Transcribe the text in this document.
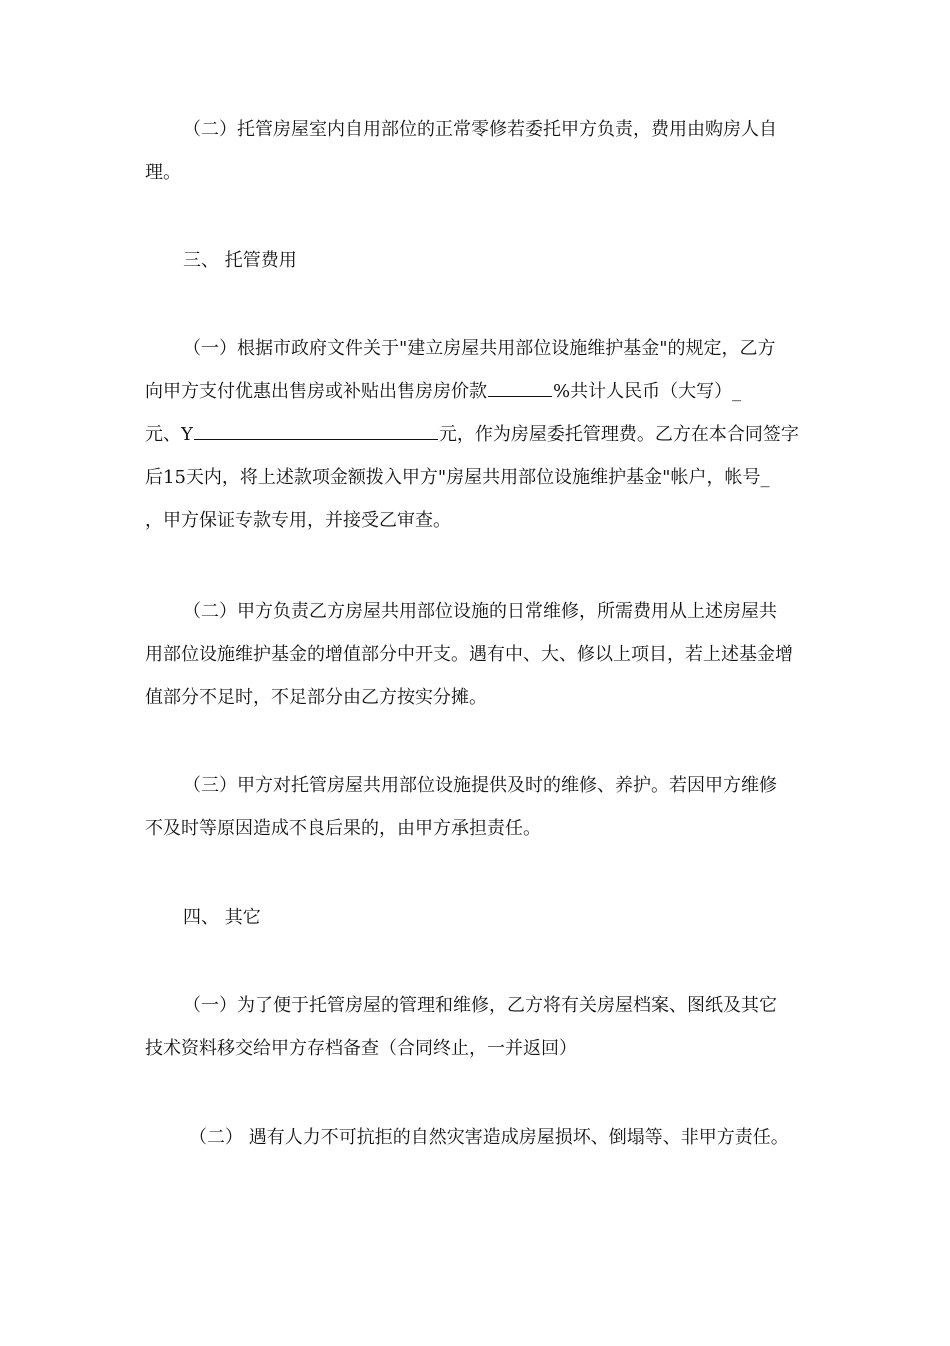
（二）托管房屋室内自用部位的正常零修若委托甲方负责，费用由购房人自
理。
三、 托管费用
（一）根据市政府文件关于"建立房屋共用部位设施维护基金"的规定，乙方
向甲方支付优惠出售房或补贴出售房房价款	%共计人民币（大写）_
元、Y	元，作为房屋委托管理费。乙方在本合同签字
后15天内，将上述款项金额拨入甲方"房屋共用部位设施维护基金"帐户，帐号_
，甲方保证专款专用，并接受乙审查。
（二）甲方负责乙方房屋共用部位设施的日常维修，所需费用从上述房屋共
用部位设施维护基金的增值部分中开支。遇有中、大、修以上项目，若上述基金增
值部分不足时，不足部分由乙方按实分摊。
（三）甲方对托管房屋共用部位设施提供及时的维修、养护。若因甲方维修
不及时等原因造成不良后果的，由甲方承担责任。
四、 其它
（一）为了便于托管房屋的管理和维修，乙方将有关房屋档案、图纸及其它
技术资料移交给甲方存档备查（合同终止，一并返回）
（二） 遇有人力不可抗拒的自然灾害造成房屋损坏、倒塌等、非甲方责任。
